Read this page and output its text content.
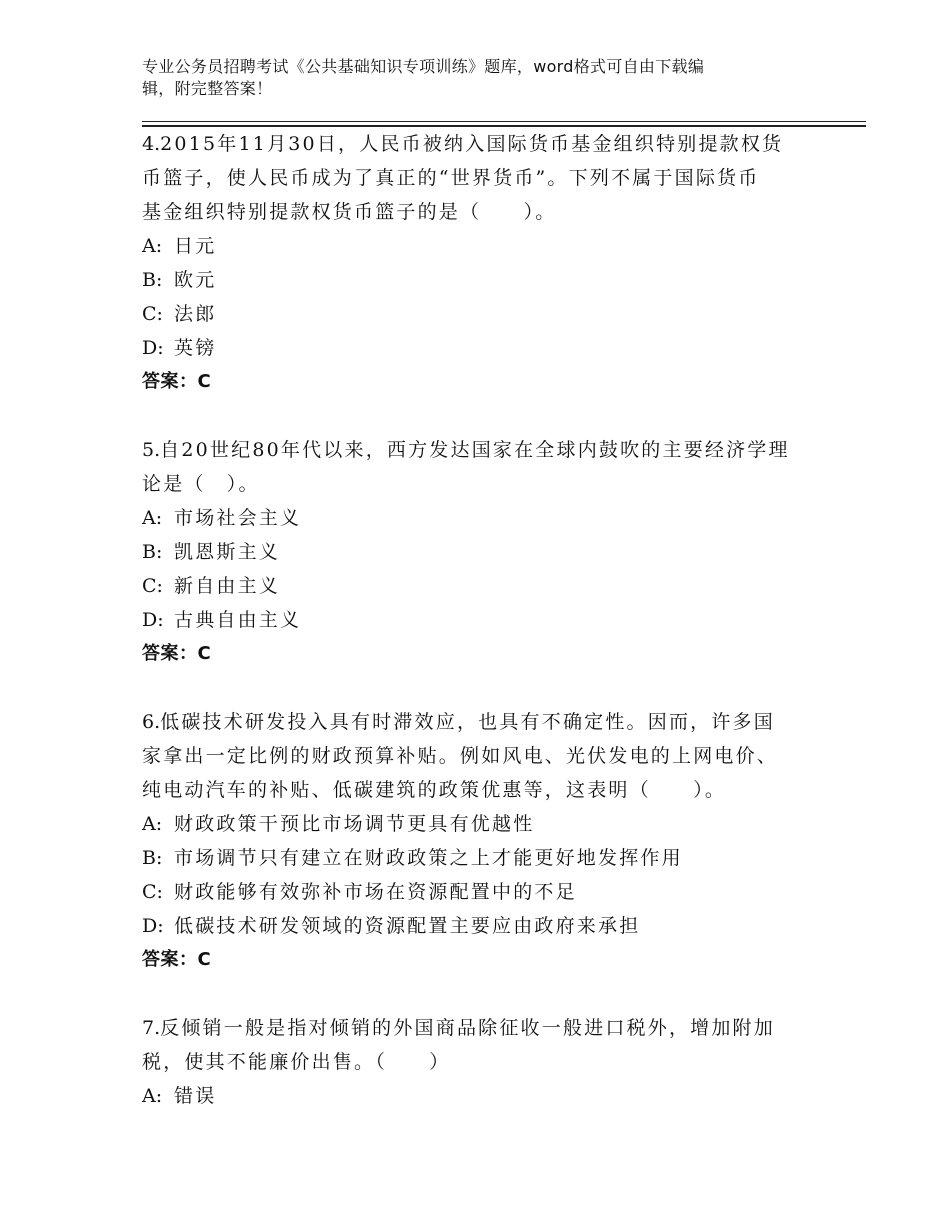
专业公务员招聘考试《公共基础知识专项训练》题库，word格式可自由下载编
辑，附完整答案！
4.2015年11月30日，人民币被纳入国际货币基金组织特别提款权货
币篮子，使人民币成为了真正的“世界货币”。下列不属于国际货币
基金组织特别提款权货币篮子的是（　　）。
A: 日元
B: 欧元
C: 法郎
D: 英镑
答案：C
5.自20世纪80年代以来，西方发达国家在全球内鼓吹的主要经济学理
论是（　）。
A: 市场社会主义
B: 凯恩斯主义
C: 新自由主义
D: 古典自由主义
答案：C
6.低碳技术研发投入具有时滞效应，也具有不确定性。因而，许多国
家拿出一定比例的财政预算补贴。例如风电、光伏发电的上网电价、
纯电动汽车的补贴、低碳建筑的政策优惠等，这表明（　　）。
A: 财政政策干预比市场调节更具有优越性
B: 市场调节只有建立在财政政策之上才能更好地发挥作用
C: 财政能够有效弥补市场在资源配置中的不足
D: 低碳技术研发领域的资源配置主要应由政府来承担
答案：C
7.反倾销一般是指对倾销的外国商品除征收一般进口税外，增加附加
税，使其不能廉价出售。（　　）
A: 错误
